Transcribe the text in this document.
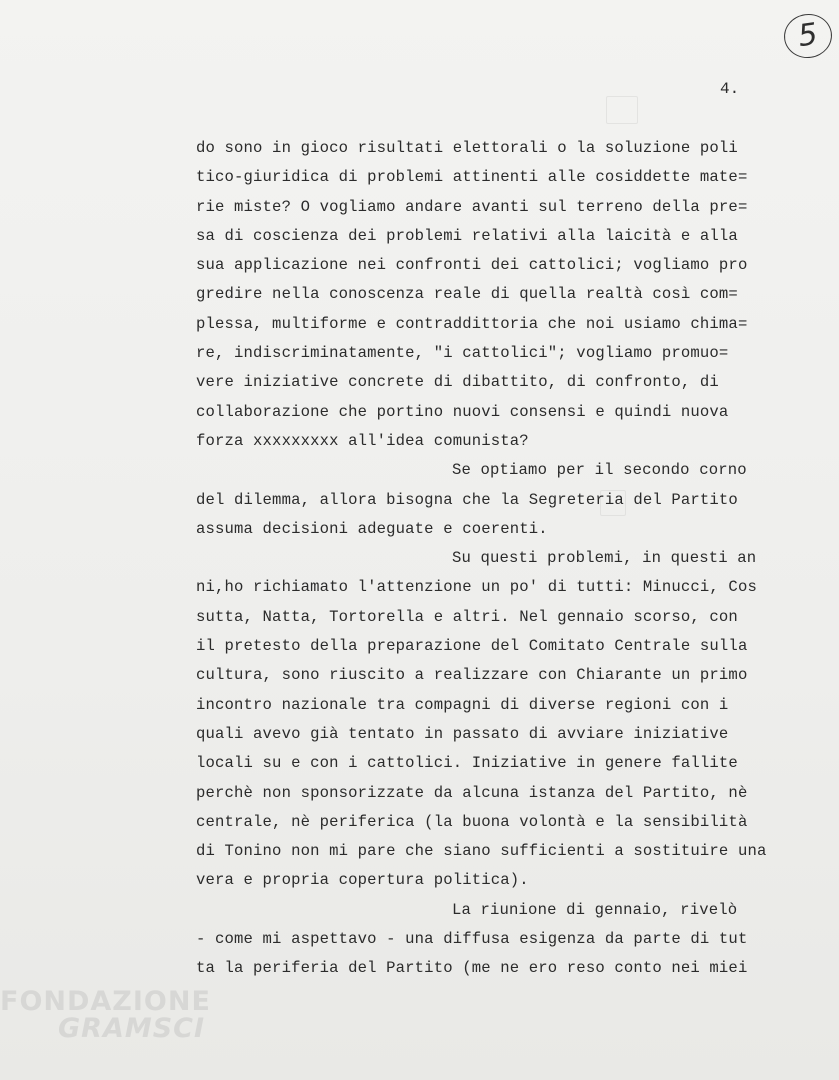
5
4.
do sono in gioco risultati elettorali o la soluzione poli
tico-giuridica di problemi attinenti alle cosiddette mate=
rie miste? O vogliamo andare avanti sul terreno della pre=
sa di coscienza dei problemi relativi alla laicità e alla
sua applicazione nei confronti dei cattolici; vogliamo pro
gredire nella conoscenza reale di quella realtà così com=
plessa, multiforme e contraddittoria che noi usiamo chima=
re, indiscriminatamente, "i cattolici"; vogliamo promuo=
vere iniziative concrete di dibattito, di confronto, di
collaborazione che portino nuovi consensi e quindi nuova
forza xxxxxxxxx all'idea comunista?
Se optiamo per il secondo corno
del dilemma, allora bisogna che la Segreteria del Partito
assuma decisioni adeguate e coerenti.
Su questi problemi, in questi an
ni,ho richiamato l'attenzione un po' di tutti: Minucci, Cos
sutta, Natta, Tortorella e altri. Nel gennaio scorso, con
il pretesto della preparazione del Comitato Centrale sulla
cultura, sono riuscito a realizzare con Chiarante un primo
incontro nazionale tra compagni di diverse regioni con i
quali avevo già tentato in passato di avviare iniziative
locali su e con i cattolici. Iniziative in genere fallite
perchè non sponsorizzate da alcuna istanza del Partito, nè
centrale, nè periferica (la buona volontà e la sensibilità
di Tonino non mi pare che siano sufficienti a sostituire una
vera e propria copertura politica).
La riunione di gennaio, rivelò
- come mi aspettavo - una diffusa esigenza da parte di tut
ta la periferia del Partito (me ne ero reso conto nei miei
FONDAZIONE
GRAMSCI
